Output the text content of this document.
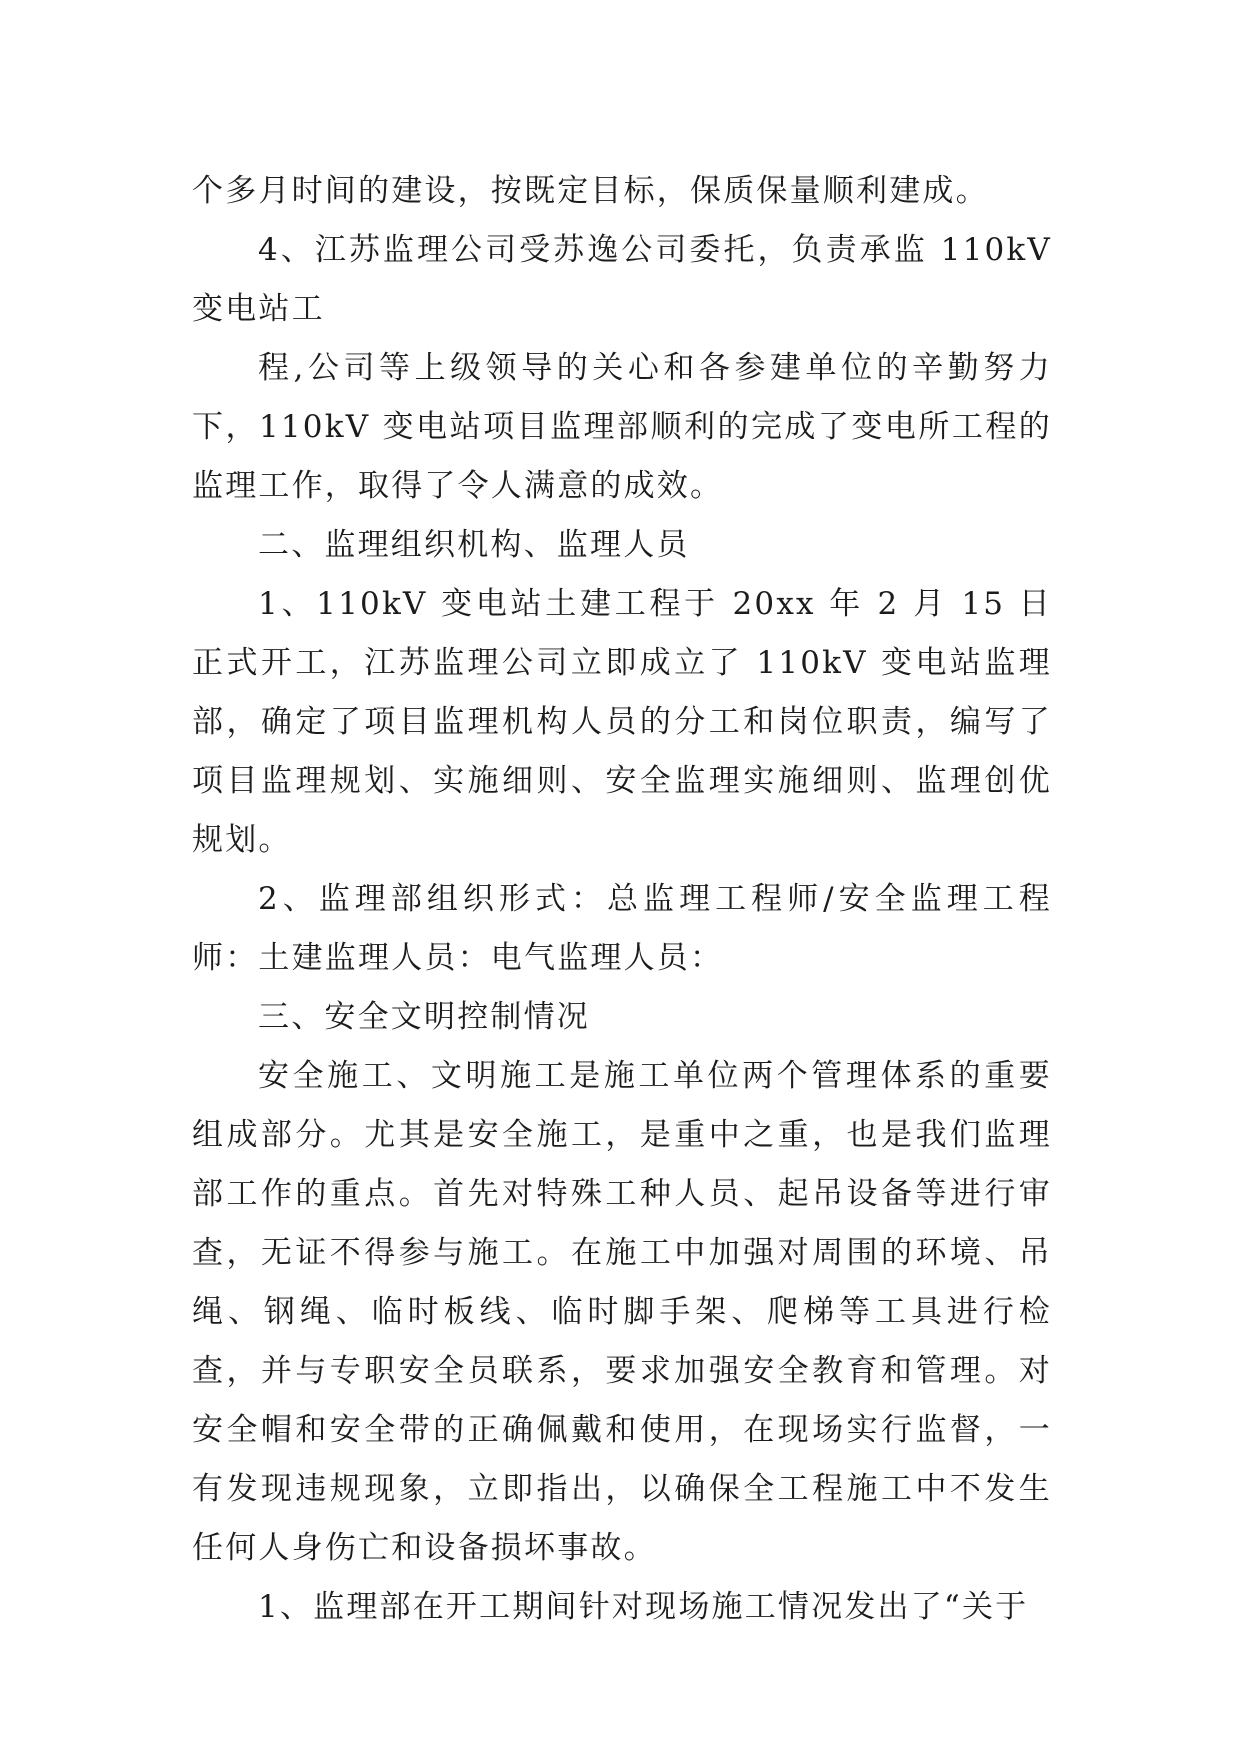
个多月时间的建设，按既定目标，保质保量顺利建成。

4、江苏监理公司受苏逸公司委托，负责承监 110kV 变电站工

程,公司等上级领导的关心和各参建单位的辛勤努力下，110kV 变电站项目监理部顺利的完成了变电所工程的监理工作，取得了令人满意的成效。

二、监理组织机构、监理人员

1、110kV 变电站土建工程于 20xx 年 2 月 15 日正式开工，江苏监理公司立即成立了 110kV 变电站监理部，确定了项目监理机构人员的分工和岗位职责，编写了项目监理规划、实施细则、安全监理实施细则、监理创优规划。

2、监理部组织形式：总监理工程师/安全监理工程师：土建监理人员：电气监理人员：

三、安全文明控制情况

安全施工、文明施工是施工单位两个管理体系的重要组成部分。尤其是安全施工，是重中之重，也是我们监理部工作的重点。首先对特殊工种人员、起吊设备等进行审查，无证不得参与施工。在施工中加强对周围的环境、吊绳、钢绳、临时板线、临时脚手架、爬梯等工具进行检查，并与专职安全员联系，要求加强安全教育和管理。对安全帽和安全带的正确佩戴和使用，在现场实行监督，一有发现违规现象，立即指出，以确保全工程施工中不发生任何人身伤亡和设备损坏事故。

1、监理部在开工期间针对现场施工情况发出了“关于
